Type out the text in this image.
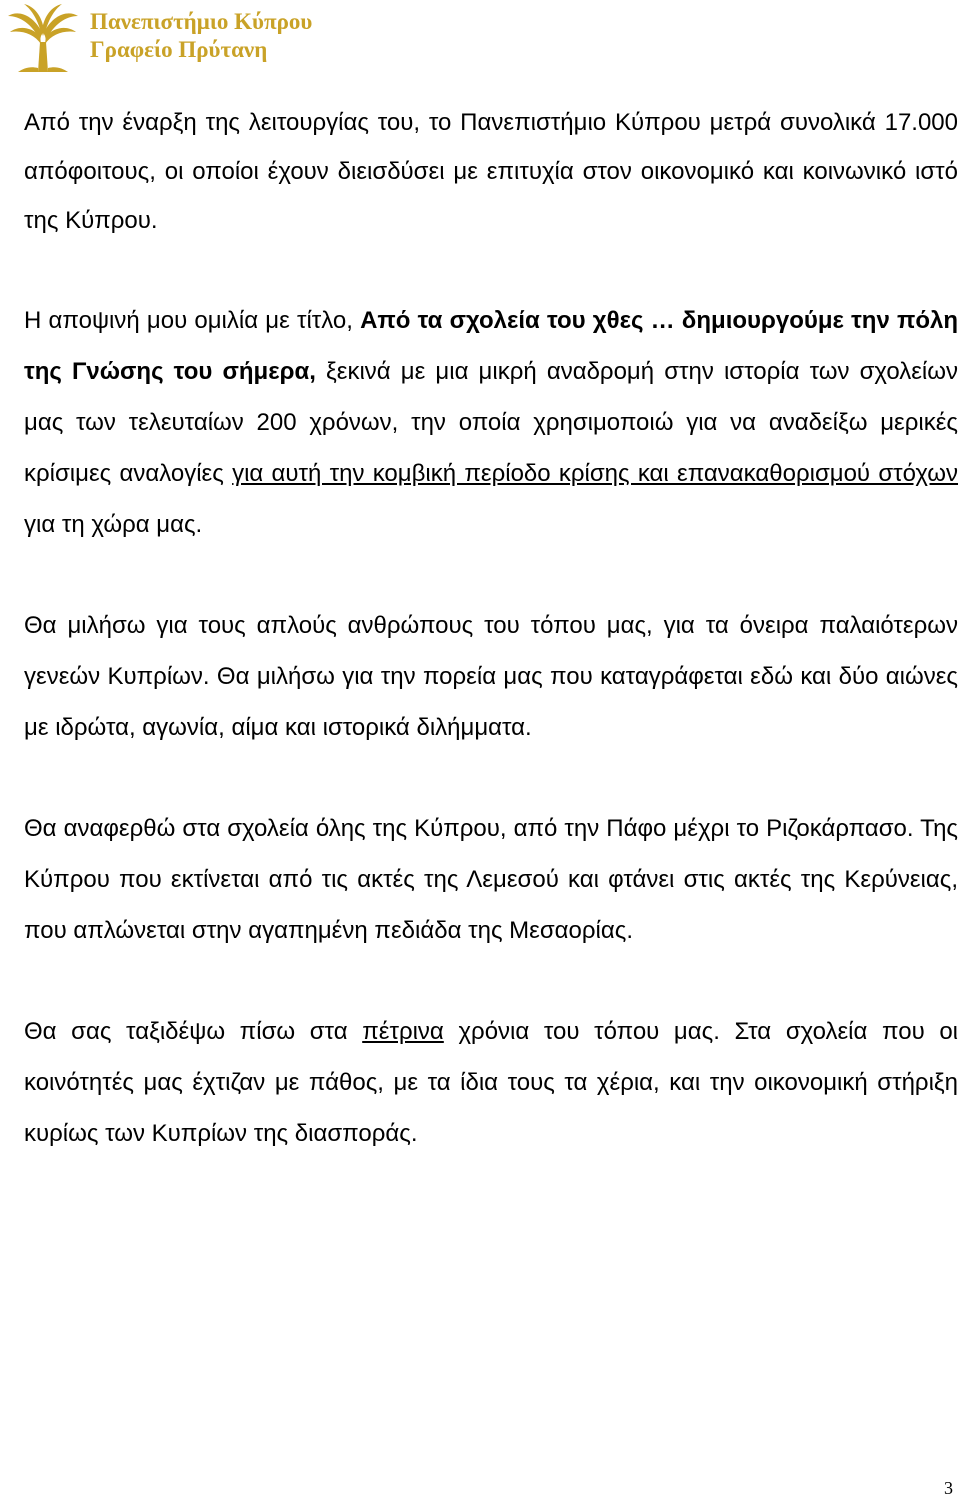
Πανεπιστήμιο Κύπρου
Γραφείο Πρύτανη

Από την έναρξη της λειτουργίας του, το Πανεπιστήμιο Κύπρου μετρά συνολικά 17.000 απόφοιτους, οι οποίοι έχουν διεισδύσει με επιτυχία στον οικονομικό και κοινωνικό ιστό της Κύπρου.

Η αποψινή μου ομιλία με τίτλο, Από τα σχολεία του χθες … δημιουργούμε την πόλη της Γνώσης του σήμερα, ξεκινά με μια μικρή αναδρομή στην ιστορία των σχολείων μας των τελευταίων 200 χρόνων, την οποία χρησιμοποιώ για να αναδείξω μερικές κρίσιμες αναλογίες για αυτή την κομβική περίοδο κρίσης και επανακαθορισμού στόχων για τη χώρα μας.

Θα μιλήσω για τους απλούς ανθρώπους του τόπου μας, για τα όνειρα παλαιότερων γενεών Κυπρίων. Θα μιλήσω για την πορεία μας που καταγράφεται εδώ και δύο αιώνες με ιδρώτα, αγωνία, αίμα και ιστορικά διλήμματα.

Θα αναφερθώ στα σχολεία όλης της Κύπρου, από την Πάφο μέχρι το Ριζοκάρπασο. Της Κύπρου που εκτίνεται από τις ακτές της Λεμεσού και φτάνει στις ακτές της Κερύνειας, που απλώνεται στην αγαπημένη πεδιάδα της Μεσαορίας.

Θα σας ταξιδέψω πίσω στα πέτρινα χρόνια του τόπου μας. Στα σχολεία που οι κοινότητές μας έχτιζαν με πάθος, με τα ίδια τους τα χέρια, και την οικονομική στήριξη κυρίως των Κυπρίων της διασποράς.

3
